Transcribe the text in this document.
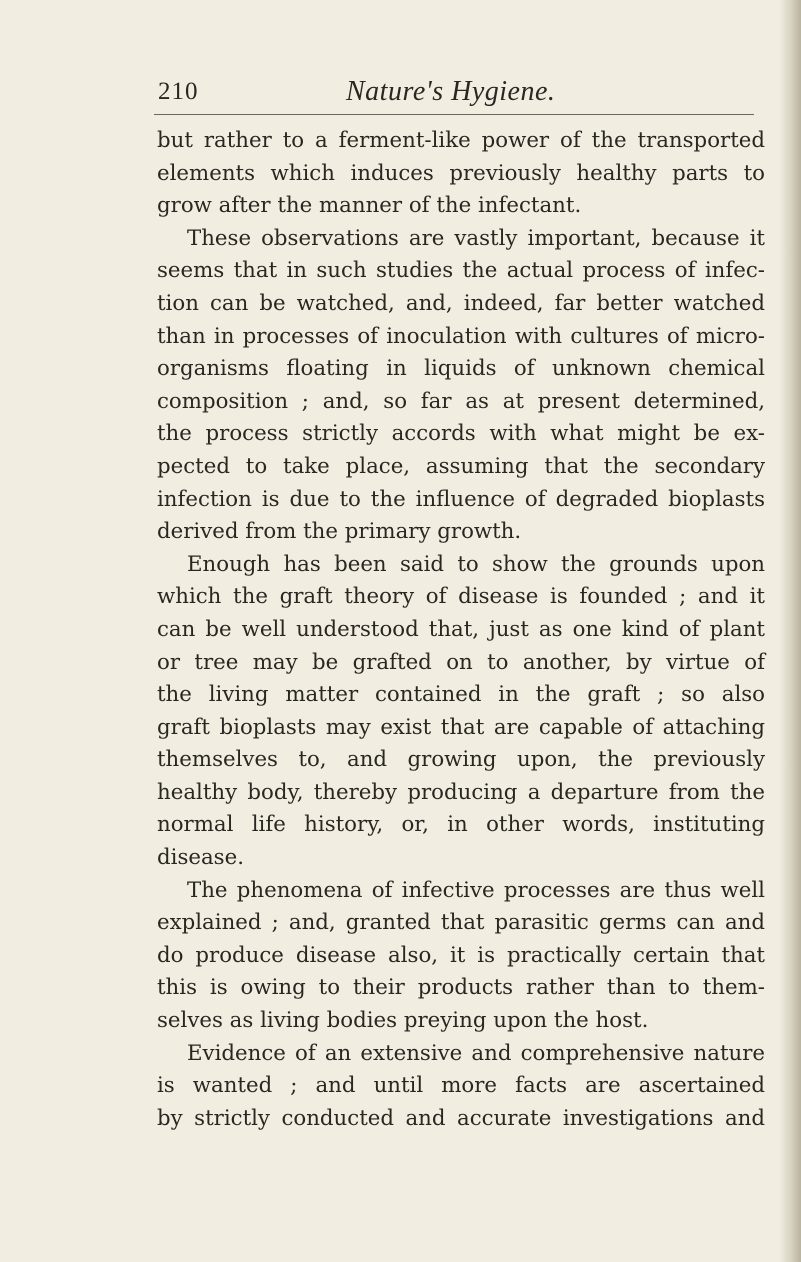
210	Nature's Hygiene.
but rather to a ferment-like power of the transported
elements which induces previously healthy parts to
grow after the manner of the infectant.
These observations are vastly important, because it
seems that in such studies the actual process of infec-
tion can be watched, and, indeed, far better watched
than in processes of inoculation with cultures of micro-
organisms floating in liquids of unknown chemical
composition ; and, so far as at present determined,
the process strictly accords with what might be ex-
pected to take place, assuming that the secondary
infection is due to the influence of degraded bioplasts
derived from the primary growth.
Enough has been said to show the grounds upon
which the graft theory of disease is founded ; and it
can be well understood that, just as one kind of plant
or tree may be grafted on to another, by virtue of
the living matter contained in the graft ; so also
graft bioplasts may exist that are capable of attaching
themselves to, and growing upon, the previously
healthy body, thereby producing a departure from the
normal life history, or, in other words, instituting
disease.
The phenomena of infective processes are thus well
explained ; and, granted that parasitic germs can and
do produce disease also, it is practically certain that
this is owing to their products rather than to them-
selves as living bodies preying upon the host.
Evidence of an extensive and comprehensive nature
is wanted ; and until more facts are ascertained
by strictly conducted and accurate investigations and
